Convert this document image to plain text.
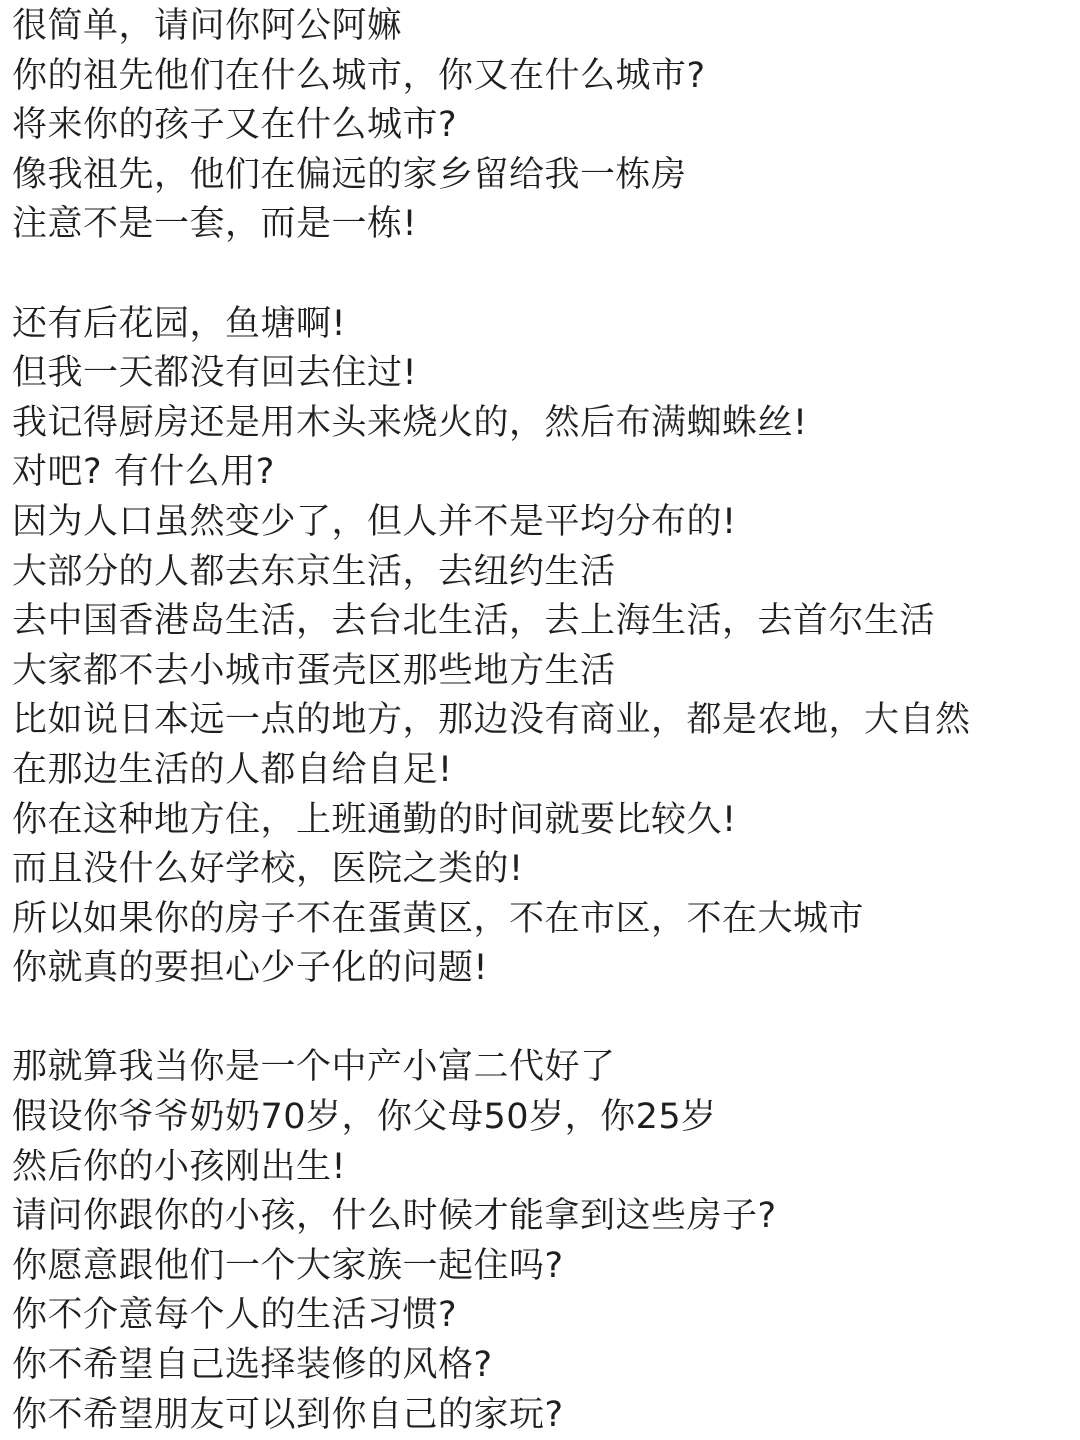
很简单，请问你阿公阿嫲
你的祖先他们在什么城市，你又在什么城市?
将来你的孩子又在什么城市?
像我祖先，他们在偏远的家乡留给我一栋房
注意不是一套，而是一栋!
还有后花园，鱼塘啊!
但我一天都没有回去住过!
我记得厨房还是用木头来烧火的，然后布满蜘蛛丝!
对吧? 有什么用?
因为人口虽然变少了，但人并不是平均分布的!
大部分的人都去东京生活，去纽约生活
去中国香港岛生活，去台北生活，去上海生活，去首尔生活
大家都不去小城市蛋壳区那些地方生活
比如说日本远一点的地方，那边没有商业，都是农地，大自然
在那边生活的人都自给自足!
你在这种地方住，上班通勤的时间就要比较久!
而且没什么好学校，医院之类的!
所以如果你的房子不在蛋黄区，不在市区，不在大城市
你就真的要担心少子化的问题!
那就算我当你是一个中产小富二代好了
假设你爷爷奶奶70岁，你父母50岁，你25岁
然后你的小孩刚出生!
请问你跟你的小孩，什么时候才能拿到这些房子?
你愿意跟他们一个大家族一起住吗?
你不介意每个人的生活习惯?
你不希望自己选择装修的风格?
你不希望朋友可以到你自己的家玩?
